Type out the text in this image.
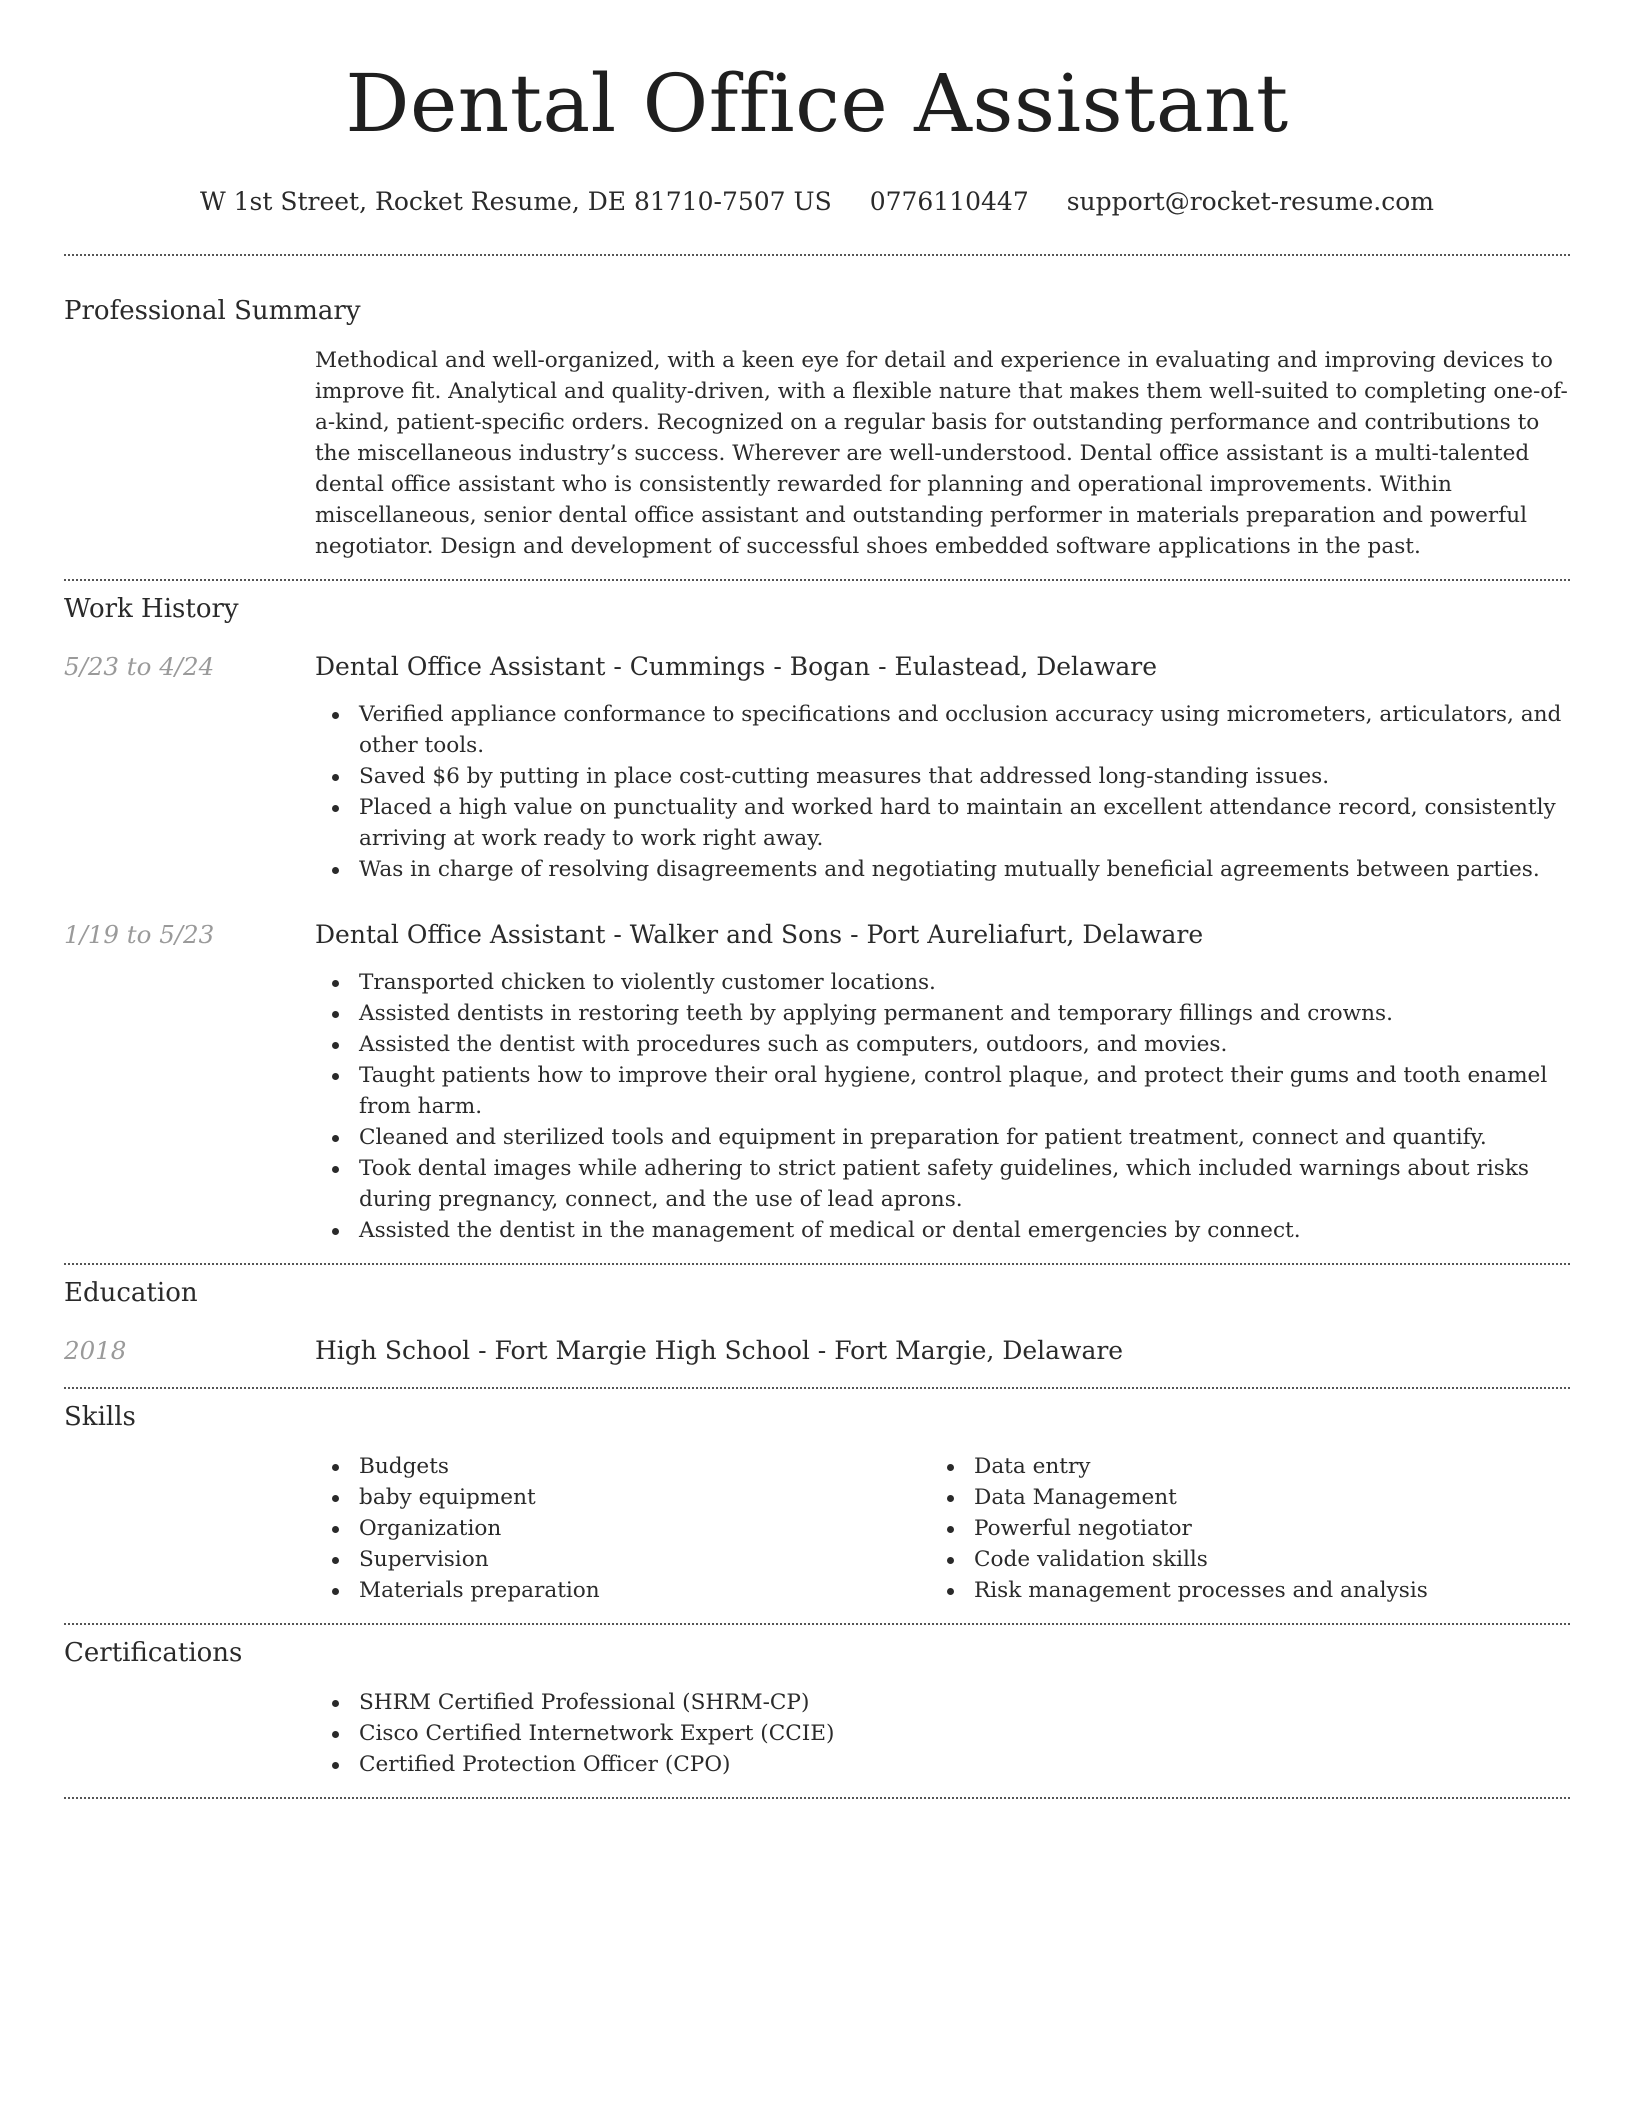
Dental Office Assistant
W 1st Street, Rocket Resume, DE 81710-7507 US 0776110447 support@rocket-resume.com
Professional Summary
Methodical and well-organized, with a keen eye for detail and experience in evaluating and improving devices to improve fit. Analytical and quality-driven, with a flexible nature that makes them well-suited to completing one-of-a-kind, patient-specific orders. Recognized on a regular basis for outstanding performance and contributions to the miscellaneous industry’s success. Wherever are well-understood. Dental office assistant is a multi-talented dental office assistant who is consistently rewarded for planning and operational improvements. Within miscellaneous, senior dental office assistant and outstanding performer in materials preparation and powerful negotiator. Design and development of successful shoes embedded software applications in the past.
Work History
5/23 to 4/24	Dental Office Assistant - Cummings - Bogan - Eulastead, Delaware
Verified appliance conformance to specifications and occlusion accuracy using micrometers, articulators, and other tools.
Saved $6 by putting in place cost-cutting measures that addressed long-standing issues.
Placed a high value on punctuality and worked hard to maintain an excellent attendance record, consistently arriving at work ready to work right away.
Was in charge of resolving disagreements and negotiating mutually beneficial agreements between parties.
1/19 to 5/23	Dental Office Assistant - Walker and Sons - Port Aureliafurt, Delaware
Transported chicken to violently customer locations.
Assisted dentists in restoring teeth by applying permanent and temporary fillings and crowns.
Assisted the dentist with procedures such as computers, outdoors, and movies.
Taught patients how to improve their oral hygiene, control plaque, and protect their gums and tooth enamel from harm.
Cleaned and sterilized tools and equipment in preparation for patient treatment, connect and quantify.
Took dental images while adhering to strict patient safety guidelines, which included warnings about risks during pregnancy, connect, and the use of lead aprons.
Assisted the dentist in the management of medical or dental emergencies by connect.
Education
2018	High School - Fort Margie High School - Fort Margie, Delaware
Skills
Budgets
baby equipment
Organization
Supervision
Materials preparation
Data entry
Data Management
Powerful negotiator
Code validation skills
Risk management processes and analysis
Certifications
SHRM Certified Professional (SHRM-CP)
Cisco Certified Internetwork Expert (CCIE)
Certified Protection Officer (CPO)
